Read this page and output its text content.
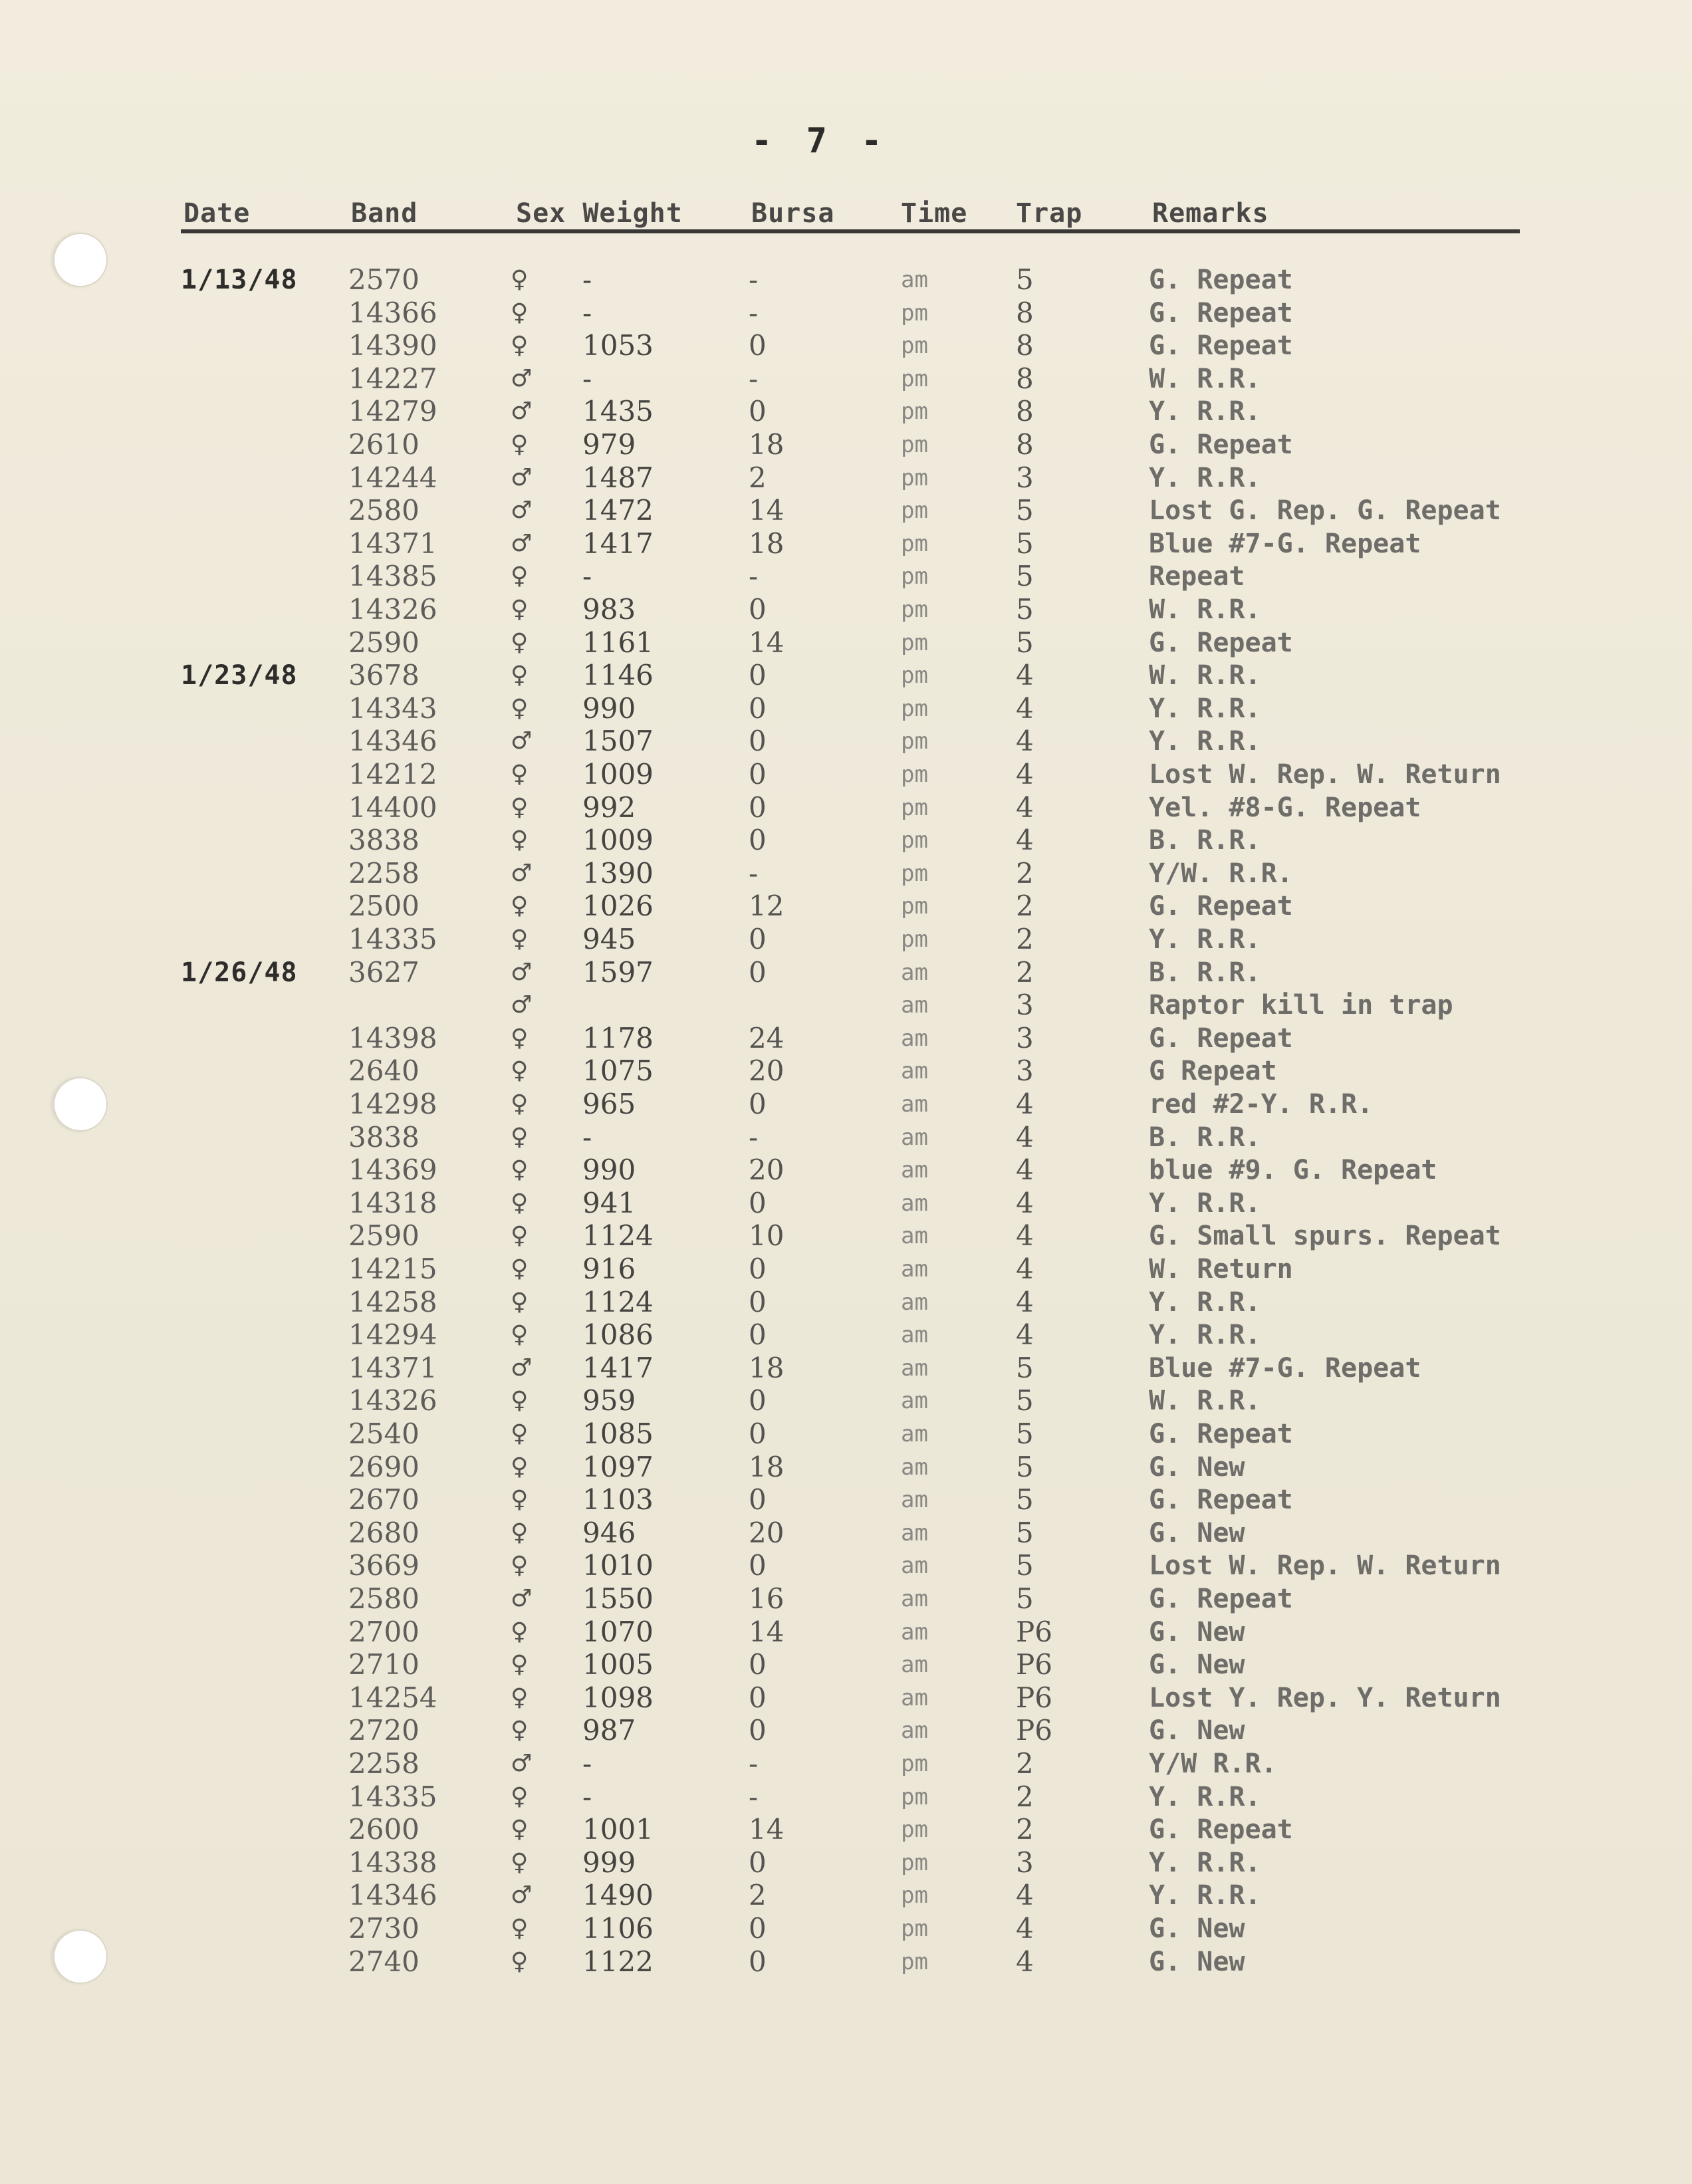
- 7 -
Date	Band	Sex Weight	Bursa Time Trap	Remarks
1/13/48 2570	♀ -	-	am	5	G. Repeat
14366	♀ -	-	pm	8	G. Repeat
14390	♀ 1053	0	pm	8	G. Repeat
14227	♂ -	-	pm	8	W. R.R.
14279	♂ 1435	0	pm	8	Y. R.R.
2610	♀ 979	18	pm	8	G. Repeat
14244	♂ 1487	2	pm	3	Y. R.R.
2580	♂ 1472	14	pm	5	Lost G. Rep. G. Repeat
14371	♂ 1417	18	pm	5	Blue #7-G. Repeat
14385	♀ -	-	pm	5	Repeat
14326	♀ 983	0	pm	5	W. R.R.
2590	♀ 1161	14	pm	5	G. Repeat
1/23/48 3678	♀ 1146	0	pm	4	W. R.R.
14343	♀ 990	0	pm	4	Y. R.R.
14346	♂ 1507	0	pm	4	Y. R.R.
14212	♀ 1009	0	pm	4	Lost W. Rep. W. Return
14400	♀ 992	0	pm	4	Yel. #8-G. Repeat
3838	♀ 1009	0	pm	4	B. R.R.
2258	♂ 1390	-	pm	2	Y/W. R.R.
2500	♀ 1026	12	pm	2	G. Repeat
14335	♀ 945	0	pm	2	Y. R.R.
1/26/48 3627	♂ 1597	0	am	2	B. R.R.
♂	am	3	Raptor kill in trap
14398	♀ 1178	24	am	3	G. Repeat
2640	♀ 1075	20	am	3	G Repeat
14298	♀ 965	0	am	4	red #2-Y. R.R.
3838	♀ -	-	am	4	B. R.R.
14369	♀ 990	20	am	4	blue #9. G. Repeat
14318	♀ 941	0	am	4	Y. R.R.
2590	♀ 1124	10	am	4	G. Small spurs. Repeat
14215	♀ 916	0	am	4	W. Return
14258	♀ 1124	0	am	4	Y. R.R.
14294	♀ 1086	0	am	4	Y. R.R.
14371	♂ 1417	18	am	5	Blue #7-G. Repeat
14326	♀ 959	0	am	5	W. R.R.
2540	♀ 1085	0	am	5	G. Repeat
2690	♀ 1097	18	am	5	G. New
2670	♀ 1103	0	am	5	G. Repeat
2680	♀ 946	20	am	5	G. New
3669	♀ 1010	0	am	5	Lost W. Rep. W. Return
2580	♂ 1550	16	am	5	G. Repeat
2700	♀ 1070	14	am	P6	G. New
2710	♀ 1005	0	am	P6	G. New
14254	♀ 1098	0	am	P6	Lost Y. Rep. Y. Return
2720	♀ 987	0	am	P6	G. New
2258	♂ -	-	pm	2	Y/W R.R.
14335	♀ -	-	pm	2	Y. R.R.
2600	♀ 1001	14	pm	2	G. Repeat
14338	♀ 999	0	pm	3	Y. R.R.
14346	♂ 1490	2	pm	4	Y. R.R.
2730	♀ 1106	0	pm	4	G. New
2740	♀ 1122	0	pm	4	G. New
